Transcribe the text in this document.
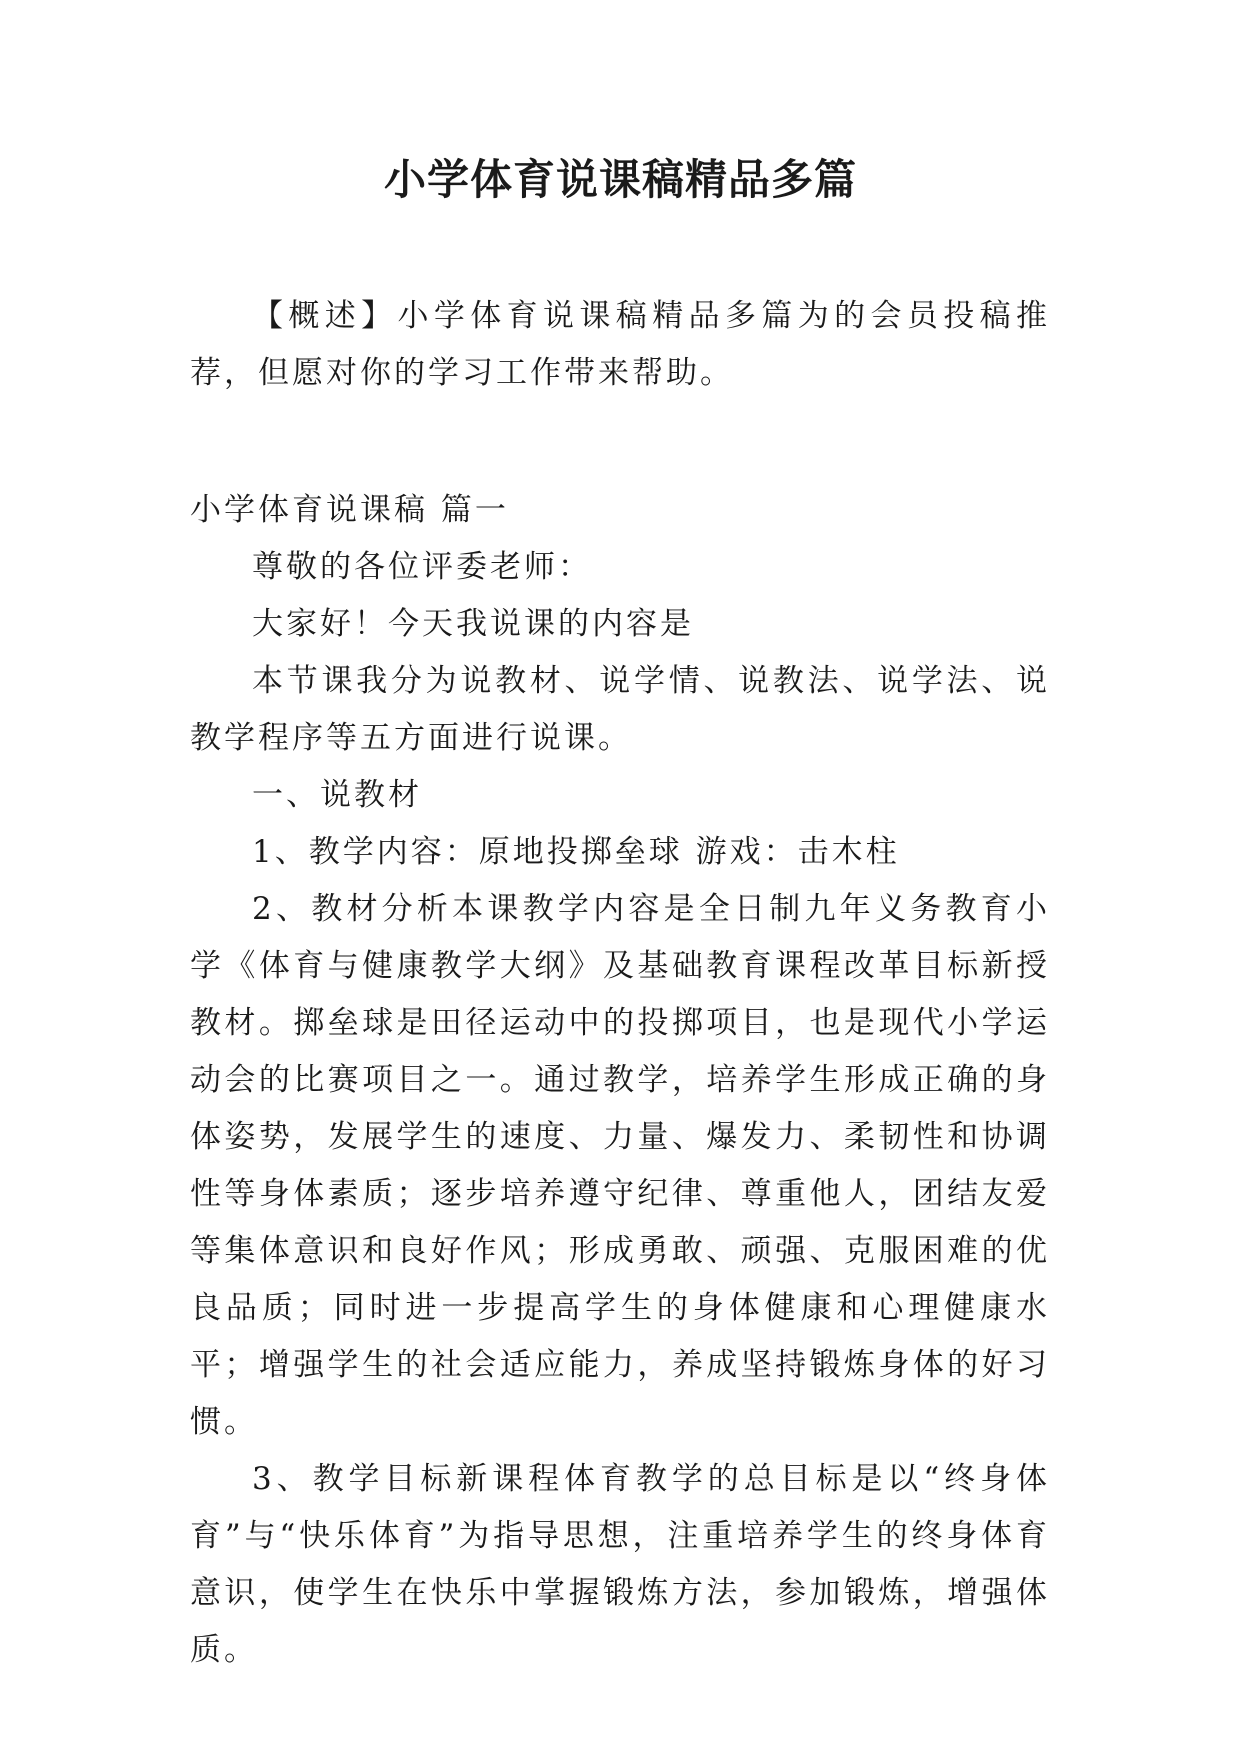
小学体育说课稿精品多篇

【概述】小学体育说课稿精品多篇为的会员投稿推荐，但愿对你的学习工作带来帮助。

小学体育说课稿 篇一

尊敬的各位评委老师：

大家好！今天我说课的内容是

本节课我分为说教材、说学情、说教法、说学法、说教学程序等五方面进行说课。

一、说教材

1、教学内容：原地投掷垒球 游戏：击木柱

2、教材分析本课教学内容是全日制九年义务教育小学《体育与健康教学大纲》及基础教育课程改革目标新授教材。掷垒球是田径运动中的投掷项目，也是现代小学运动会的比赛项目之一。通过教学，培养学生形成正确的身体姿势，发展学生的速度、力量、爆发力、柔韧性和协调性等身体素质；逐步培养遵守纪律、尊重他人，团结友爱等集体意识和良好作风；形成勇敢、顽强、克服困难的优良品质；同时进一步提高学生的身体健康和心理健康水平；增强学生的社会适应能力，养成坚持锻炼身体的好习惯。

3、教学目标新课程体育教学的总目标是以“终身体育”与“快乐体育”为指导思想，注重培养学生的终身体育意识，使学生在快乐中掌握锻炼方法，参加锻炼，增强体质。
